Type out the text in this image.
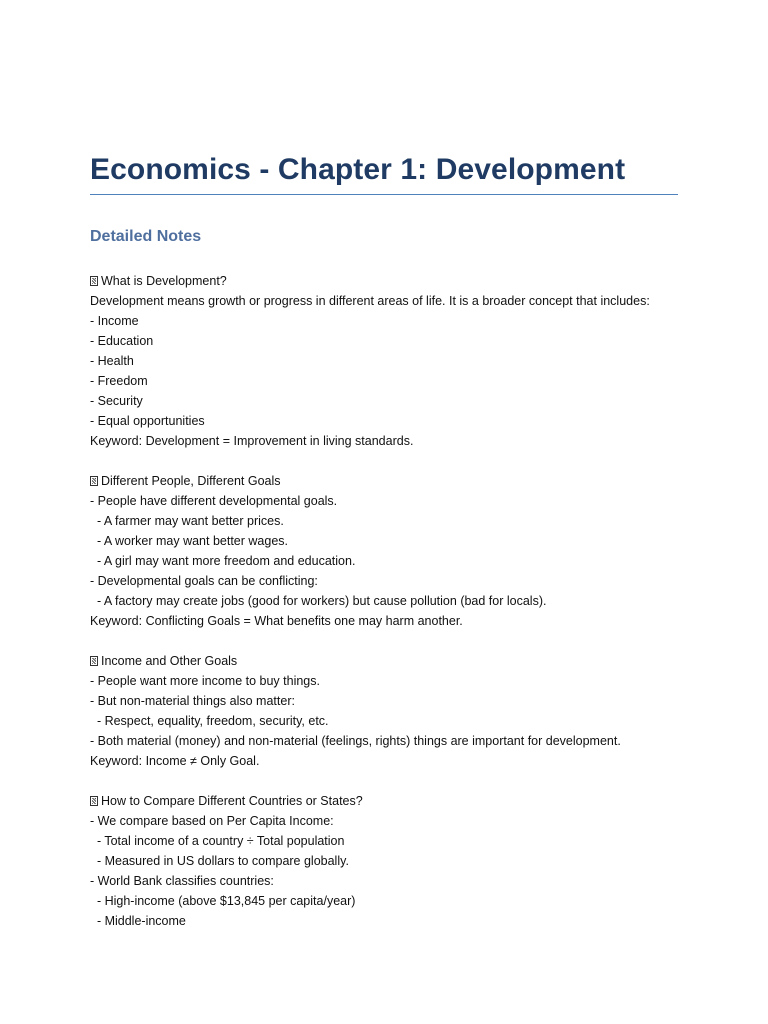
Economics - Chapter 1: Development
Detailed Notes
What is Development?
Development means growth or progress in different areas of life. It is a broader concept that includes:
- Income
- Education
- Health
- Freedom
- Security
- Equal opportunities
Keyword: Development = Improvement in living standards.
Different People, Different Goals
- People have different developmental goals.
- A farmer may want better prices.
- A worker may want better wages.
- A girl may want more freedom and education.
- Developmental goals can be conflicting:
- A factory may create jobs (good for workers) but cause pollution (bad for locals).
Keyword: Conflicting Goals = What benefits one may harm another.
Income and Other Goals
- People want more income to buy things.
- But non-material things also matter:
- Respect, equality, freedom, security, etc.
- Both material (money) and non-material (feelings, rights) things are important for development.
Keyword: Income ≠ Only Goal.
How to Compare Different Countries or States?
- We compare based on Per Capita Income:
- Total income of a country ÷ Total population
- Measured in US dollars to compare globally.
- World Bank classifies countries:
- High-income (above $13,845 per capita/year)
- Middle-income
